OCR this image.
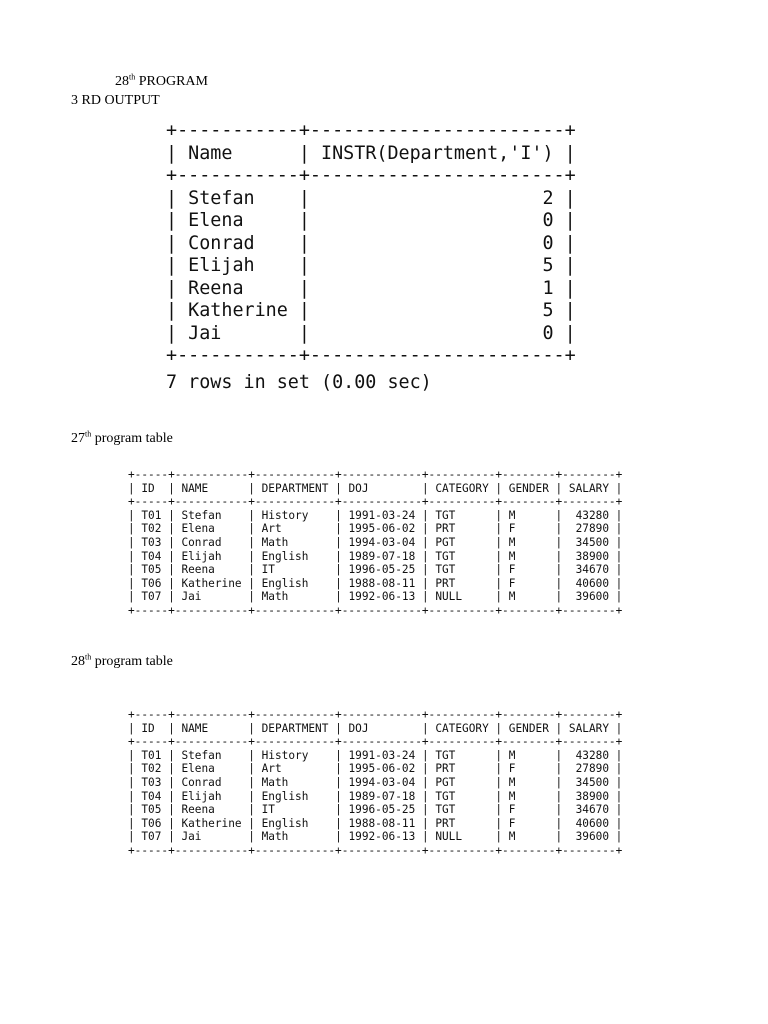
28th PROGRAM
3 RD OUTPUT
+-----------+-----------------------+
| Name      | INSTR(Department,'I') |
+-----------+-----------------------+
| Stefan    |                     2 |
| Elena     |                     0 |
| Conrad    |                     0 |
| Elijah    |                     5 |
| Reena     |                     1 |
| Katherine |                     5 |
| Jai       |                     0 |
+-----------+-----------------------+
7 rows in set (0.00 sec)
27th program table
+-----+-----------+------------+------------+----------+--------+--------+
| ID  | NAME      | DEPARTMENT | DOJ        | CATEGORY | GENDER | SALARY |
+-----+-----------+------------+------------+----------+--------+--------+
| T01 | Stefan    | History    | 1991-03-24 | TGT      | M      |  43280 |
| T02 | Elena     | Art        | 1995-06-02 | PRT      | F      |  27890 |
| T03 | Conrad    | Math       | 1994-03-04 | PGT      | M      |  34500 |
| T04 | Elijah    | English    | 1989-07-18 | TGT      | M      |  38900 |
| T05 | Reena     | IT         | 1996-05-25 | TGT      | F      |  34670 |
| T06 | Katherine | English    | 1988-08-11 | PRT      | F      |  40600 |
| T07 | Jai       | Math       | 1992-06-13 | NULL     | M      |  39600 |
+-----+-----------+------------+------------+----------+--------+--------+
28th program table
+-----+-----------+------------+------------+----------+--------+--------+
| ID  | NAME      | DEPARTMENT | DOJ        | CATEGORY | GENDER | SALARY |
+-----+-----------+------------+------------+----------+--------+--------+
| T01 | Stefan    | History    | 1991-03-24 | TGT      | M      |  43280 |
| T02 | Elena     | Art        | 1995-06-02 | PRT      | F      |  27890 |
| T03 | Conrad    | Math       | 1994-03-04 | PGT      | M      |  34500 |
| T04 | Elijah    | English    | 1989-07-18 | TGT      | M      |  38900 |
| T05 | Reena     | IT         | 1996-05-25 | TGT      | F      |  34670 |
| T06 | Katherine | English    | 1988-08-11 | PRT      | F      |  40600 |
| T07 | Jai       | Math       | 1992-06-13 | NULL     | M      |  39600 |
+-----+-----------+------------+------------+----------+--------+--------+
